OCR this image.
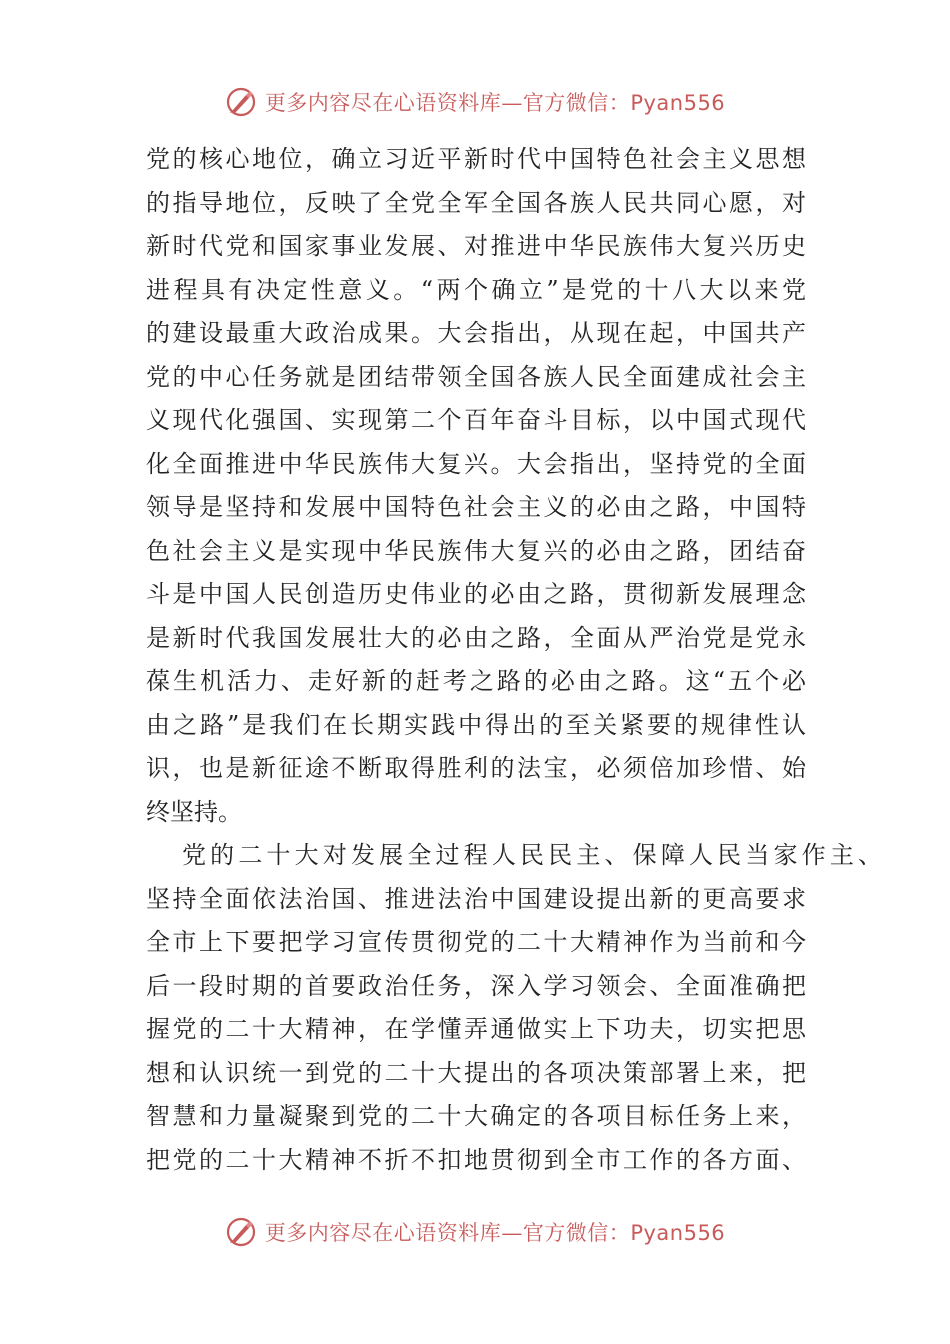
更多内容尽在心语资料库—官方微信：Pyan556
党的核心地位，确立习近平新时代中国特色社会主义思想
的指导地位，反映了全党全军全国各族人民共同心愿，对
新时代党和国家事业发展、对推进中华民族伟大复兴历史
进程具有决定性意义。“两个确立”是党的十八大以来党
的建设最重大政治成果。大会指出，从现在起，中国共产
党的中心任务就是团结带领全国各族人民全面建成社会主
义现代化强国、实现第二个百年奋斗目标，以中国式现代
化全面推进中华民族伟大复兴。大会指出，坚持党的全面
领导是坚持和发展中国特色社会主义的必由之路，中国特
色社会主义是实现中华民族伟大复兴的必由之路，团结奋
斗是中国人民创造历史伟业的必由之路，贯彻新发展理念
是新时代我国发展壮大的必由之路，全面从严治党是党永
葆生机活力、走好新的赶考之路的必由之路。这“五个必
由之路”是我们在长期实践中得出的至关紧要的规律性认
识，也是新征途不断取得胜利的法宝，必须倍加珍惜、始
终坚持。
党的二十大对发展全过程人民民主、保障人民当家作主、
坚持全面依法治国、推进法治中国建设提出新的更高要求
全市上下要把学习宣传贯彻党的二十大精神作为当前和今
后一段时期的首要政治任务，深入学习领会、全面准确把
握党的二十大精神，在学懂弄通做实上下功夫，切实把思
想和认识统一到党的二十大提出的各项决策部署上来，把
智慧和力量凝聚到党的二十大确定的各项目标任务上来，
把党的二十大精神不折不扣地贯彻到全市工作的各方面、
更多内容尽在心语资料库—官方微信：Pyan556
